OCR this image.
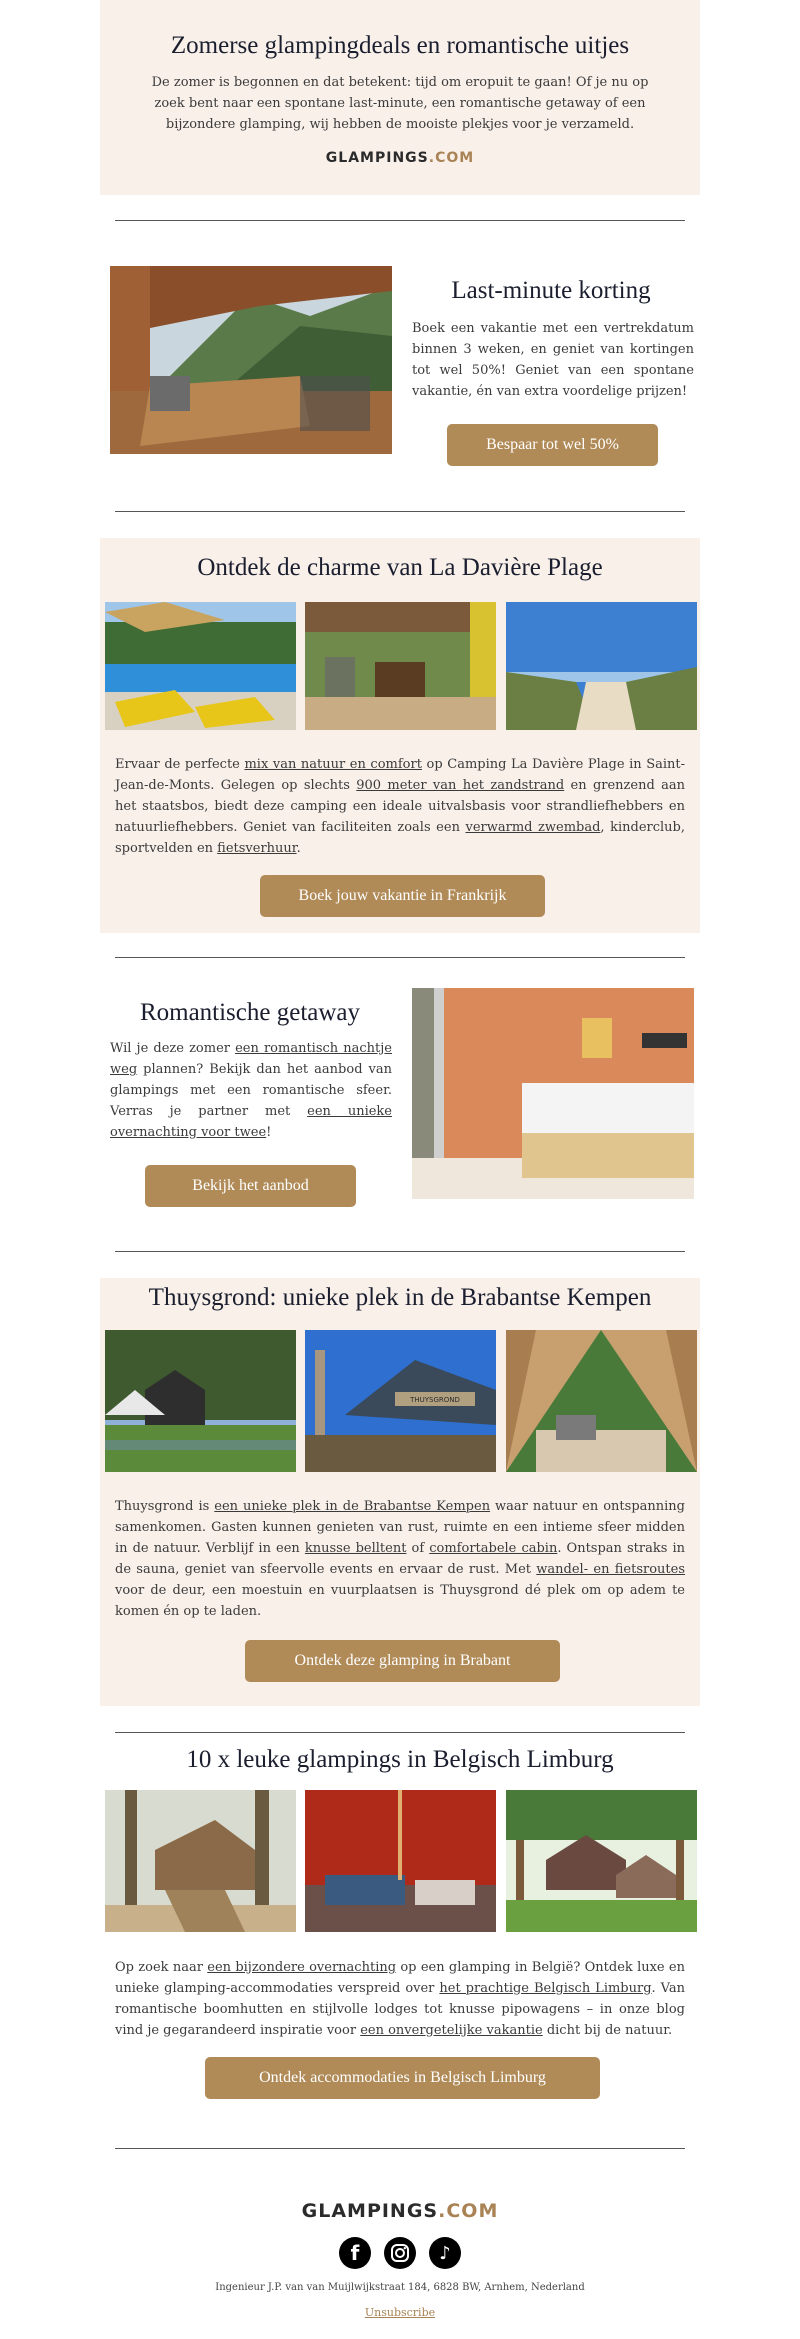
Zomerse glampingdeals en romantische uitjes

De zomer is begonnen en dat betekent: tijd om eropuit te gaan! Of je nu op zoek bent naar een spontane last-minute, een romantische getaway of een bijzondere glamping, wij hebben de mooiste plekjes voor je verzameld.

GLAMPINGS.COM
Last-minute korting

Boek een vakantie met een vertrekdatum binnen 3 weken, en geniet van kortingen tot wel 50%! Geniet van een spontane vakantie, én van extra voordelige prijzen!

Bespaar tot wel 50%
Ontdek de charme van La Davière Plage

Ervaar de perfecte mix van natuur en comfort op Camping La Davière Plage in Saint-Jean-de-Monts. Gelegen op slechts 900 meter van het zandstrand en grenzend aan het staatsbos, biedt deze camping een ideale uitvalsbasis voor strandliefhebbers en natuurliefhebbers. Geniet van faciliteiten zoals een verwarmd zwembad, kinderclub, sportvelden en fietsverhuur.

Boek jouw vakantie in Frankrijk
Romantische getaway

Wil je deze zomer een romantisch nachtje weg plannen? Bekijk dan het aanbod van glampings met een romantische sfeer. Verras je partner met een unieke overnachting voor twee!

Bekijk het aanbod
Thuysgrond: unieke plek in de Brabantse Kempen
THUYSGROND

Thuysgrond is een unieke plek in de Brabantse Kempen waar natuur en ontspanning samenkomen. Gasten kunnen genieten van rust, ruimte en een intieme sfeer midden in de natuur. Verblijf in een knusse belltent of comfortabele cabin. Ontspan straks in de sauna, geniet van sfeervolle events en ervaar de rust. Met wandel- en fietsroutes voor de deur, een moestuin en vuurplaatsen is Thuysgrond dé plek om op adem te komen én op te laden.

Ontdek deze glamping in Brabant
10 x leuke glampings in Belgisch Limburg

Op zoek naar een bijzondere overnachting op een glamping in België? Ontdek luxe en unieke glamping-accommodaties verspreid over het prachtige Belgisch Limburg. Van romantische boomhutten en stijlvolle lodges tot knusse pipowagens – in onze blog vind je gegarandeerd inspiratie voor een onvergetelijke vakantie dicht bij de natuur.

Ontdek accommodaties in Belgisch Limburg
GLAMPINGS.COM
f	♪
Ingenieur J.P. van van Muijlwijkstraat 184, 6828 BW, Arnhem, Nederland
Unsubscribe
